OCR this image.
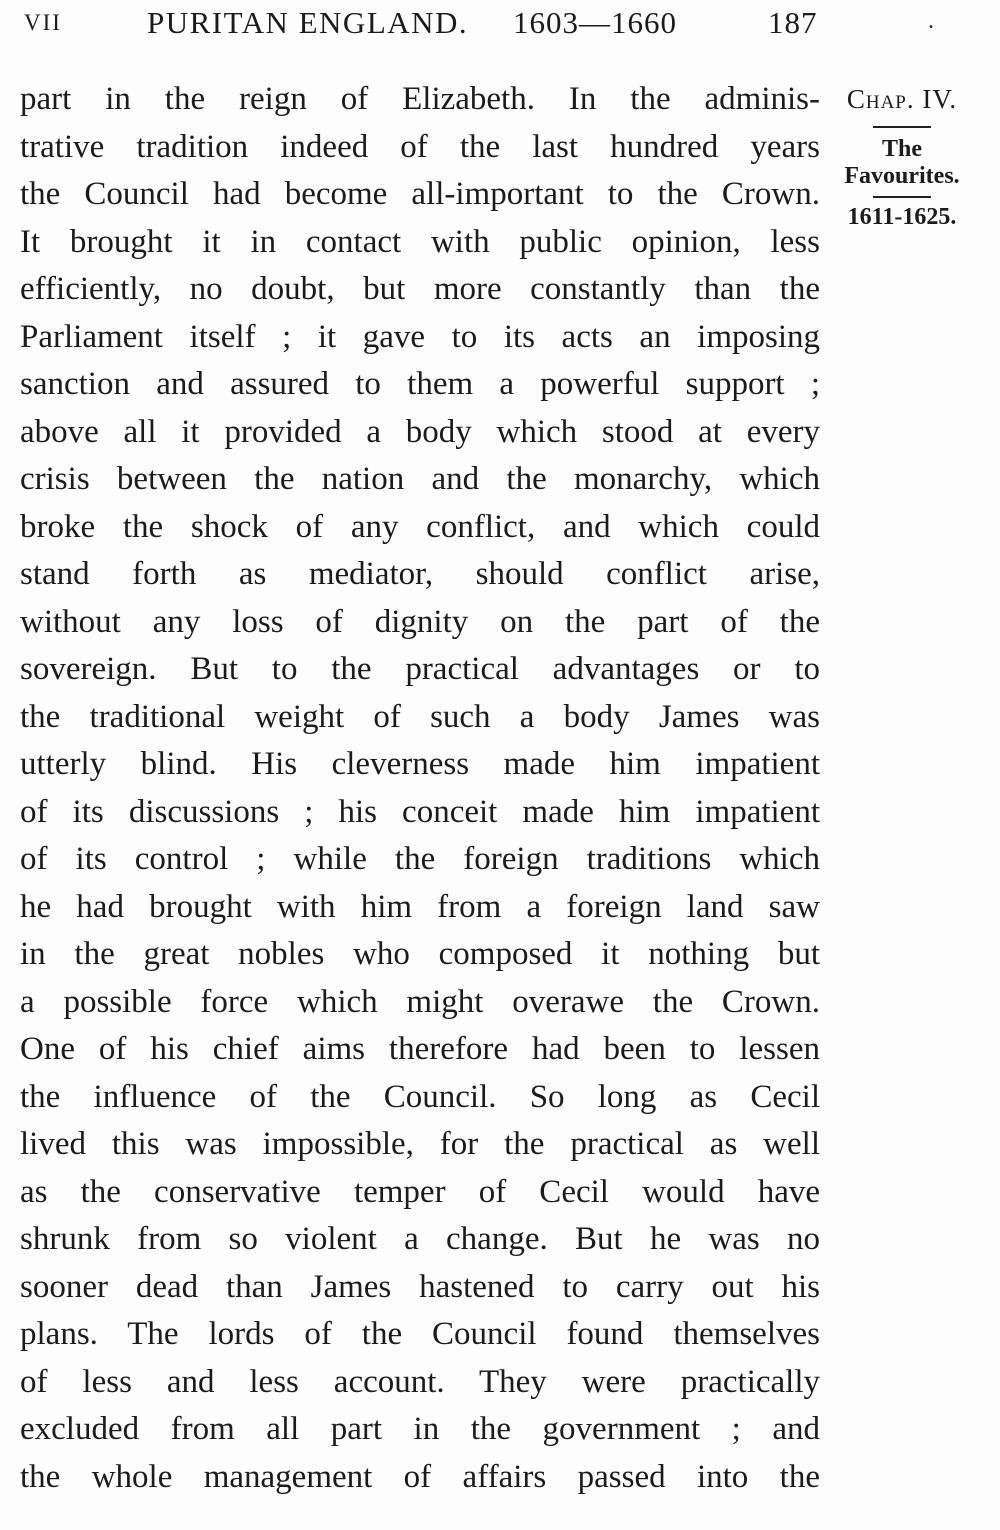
VII	PURITAN ENGLAND. 1603—1660	187	.
part in the reign of Elizabeth. In the adminis-
trative tradition indeed of the last hundred years
the Council had become all-important to the Crown.
It brought it in contact with public opinion, less
efficiently, no doubt, but more constantly than the
Parliament itself ; it gave to its acts an imposing
sanction and assured to them a powerful support ;
above all it provided a body which stood at every
crisis between the nation and the monarchy, which
broke the shock of any conflict, and which could
stand forth as mediator, should conflict arise,
without any loss of dignity on the part of the
sovereign. But to the practical advantages or to
the traditional weight of such a body James was
utterly blind. His cleverness made him impatient
of its discussions ; his conceit made him impatient
of its control ; while the foreign traditions which
he had brought with him from a foreign land saw
in the great nobles who composed it nothing but
a possible force which might overawe the Crown.
One of his chief aims therefore had been to lessen
the influence of the Council. So long as Cecil
lived this was impossible, for the practical as well
as the conservative temper of Cecil would have
shrunk from so violent a change. But he was no
sooner dead than James hastened to carry out his
plans. The lords of the Council found themselves
of less and less account. They were practically
excluded from all part in the government ; and
the whole management of affairs passed into the
Chap. IV.
The
Favourites.
1611-1625.
